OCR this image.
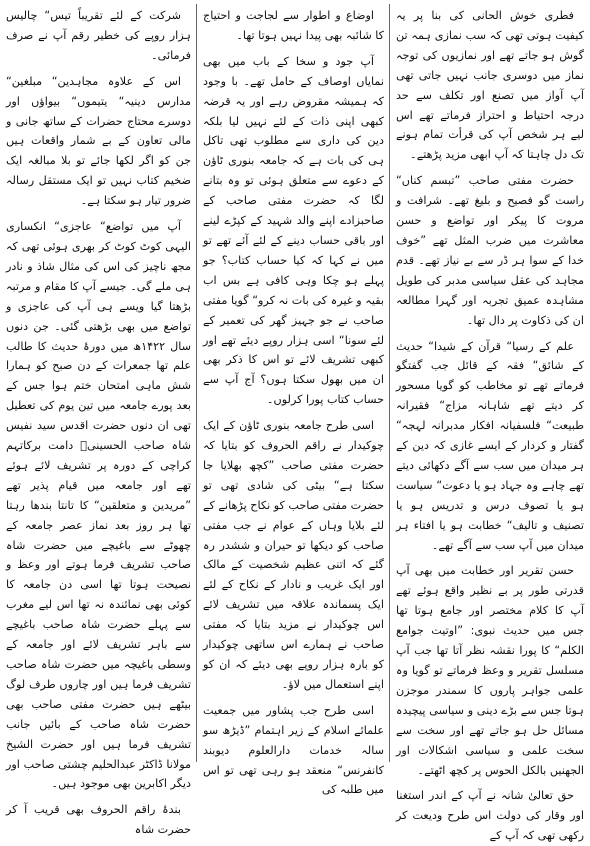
فطری خوش الحانی کی بنا پر یہ کیفیت ہوتی تھی کہ سب نمازی ہمہ تن گوش ہو جاتے تھے اور نمازیوں کی توجہ نماز میں دوسری جانب نہیں جاتی تھی آپ آواز میں تصنع اور تکلف سے حد درجہ احتیاط و احتراز فرماتے تھے اس لیے ہر شخص آپ کی قرأت تمام ہونے تک دل چاہتا کہ آپ ابھی مزید پڑھتے۔

حضرت مفتی صاحب ”تبسم کناں“ راست گو فصیح و بلیغ تھے۔ شرافت و مروت کا پیکر اور تواضع و حسن معاشرت میں ضرب المثل تھے ”خوف خدا کے سوا ہر ڈر سے بے نیاز تھے۔ قدم مجاہد کی عقل سیاسی مدبر کی طویل مشاہدہ عمیق تجربہ اور گہرا مطالعہ ان کی ذکاوت پر دال تھا۔

علم کے رسیا“ قرآن کے شیدا“ حدیث کے شائق“ فقہ کے قائل جب گفتگو فرماتے تھے تو مخاطب کو گویا مسحور کر دیتے تھے شاہانہ مزاج“ فقیرانہ طبیعت“ فلسفیانہ افکار مدبرانہ لہجہ“ گفتار و کردار کے ایسے غازی کہ دین کے ہر میدان میں سب سے آگے دکھائی دیتے تھے چاہے وہ جہاد ہو یا دعوت“ سیاست ہو یا تصوف درس و تدریس ہو یا تصنیف و تالیف“ خطابت ہو یا افتاء ہر میدان میں آپ سب سے آگے تھے۔

حسن تقریر اور خطابت میں بھی آپ قدرتی طور پر بے نظیر واقع ہوئے تھے آپ کا کلام مختصر اور جامع ہوتا تھا جس میں حدیث نبوی: ”اوتیت جوامع الکلم“ کا پورا نقشہ نظر آتا تھا جب آپ مسلسل تقریر و وعظ فرماتے تو گویا وہ علمی جواہر پاروں کا سمندر موجزن ہوتا جس سے بڑے دینی و سیاسی پیچیدہ مسائل حل ہو جاتے تھے اور سخت سے سخت علمی و سیاسی اشکالات اور الجھنیں بالکل الحوس پر کچھ اٹھتے۔

حق تعالیٰ شانہ نے آپ کے اندر استغنا اور وقار کی دولت اس طرح ودیعت کر رکھی تھی کہ آپ کے

اوضاع و اطوار سے لجاجت و احتیاج کا شائبہ بھی پیدا نہیں ہوتا تھا۔

آپ جود و سخا کے باب میں بھی نمایاں اوصاف کے حامل تھے۔ با وجود کہ ہمیشہ مقروض رہے اور یہ قرضہ کبھی اپنی ذات کے لئے نہیں لیا بلکہ دین کی داری سے مطلوب تھی تاکل ہی کی بات ہے کہ جامعہ بنوری ٹاؤن کے دعوے سے متعلق ہوئی تو وہ بتانے لگا کہ حضرت مفتی صاحب کے صاحبزادے اپنے والد شہید کے کپڑے لینے اور باقی حساب دینے کے لئے آئے تھے تو میں نے کہا کہ کیا حساب کتاب؟ جو پہلے ہو چکا وہی کافی ہے بس اب بقیہ و غیرہ کی بات نہ کرو“ گویا مفتی صاحب نے جو جہیز گھر کی تعمیر کے لئے سونا“ اسی ہزار روپے دیئے تھے اور کبھی تشریف لائے تو اس کا ذکر بھی ان میں بھول سکتا ہوں؟ آج آپ سے حساب کتاب پورا کرلوں۔

اسی طرح جامعہ بنوری ٹاؤن کے ایک چوکیدار نے راقم الحروف کو بتایا کہ حضرت مفتی صاحب ”کچھ بھلایا جا سکتا ہے“ بیٹی کی شادی تھی تو حضرت مفتی صاحب کو نکاح پڑھانے کے لئے بلایا وہاں کے عوام نے جب مفتی صاحب کو دیکھا تو حیران و ششدر رہ گئے کہ اتنی عظیم شخصیت کے مالک اور ایک غریب و نادار کے نکاح کے لئے ایک پسماندہ علاقہ میں تشریف لائے اس چوکیدار نے مزید بتایا کہ مفتی صاحب نے ہمارے اس ساتھی چوکیدار کو بارہ ہزار روپے بھی دیئے کہ ان کو اپنے استعمال میں لاؤ۔

اسی طرح جب پشاور میں جمعیت علمائے اسلام کے زیر اہتمام ”ڈیڑھ سو سالہ خدمات دارالعلوم دیوبند کانفرنس“ منعقد ہو رہی تھی تو اس میں طلبہ کی

شرکت کے لئے تقریباً تیس“ چالیس ہزار روپے کی خطیر رقم آپ نے صرف فرمائی۔

اس کے علاوہ مجاہدین“ مبلغین“ مدارس دینیہ“ یتیموں“ بیواؤں اور دوسرے محتاج حضرات کے ساتھ جانی و مالی تعاون کے بے شمار واقعات ہیں جن کو اگر لکھا جائے تو بلا مبالغہ ایک ضخیم کتاب نہیں تو ایک مستقل رسالہ ضرور تیار ہو سکتا ہے۔

آپ میں تواضع“ عاجزی“ انکساری الیہی کوٹ کوٹ کر بھری ہوئی تھی کہ مجھ ناچیز کی اس کی مثال شاذ و نادر ہی ملے گی۔ جیسے آپ کا مقام و مرتبہ بڑھتا گیا ویسے ہی آپ کی عاجزی و تواضع میں بھی بڑھتی گئی۔ جن دنوں سال ۱۴۲۲ھ میں دورۂ حدیث کا طالب علم تھا جمعرات کے دن صبح کو ہمارا شش ماہی امتحان ختم ہوا جس کے بعد پورے جامعہ میں تین یوم کی تعطیل تھی ان دنوں حضرت اقدس سید نفیس شاہ صاحب الحسینیؒ دامت برکاتہم کراچی کے دورہ پر تشریف لائے ہوئے تھے اور جامعہ میں قیام پذیر تھے ”مریدین و متعلقین“ کا تانتا بندھا رہتا تھا ہر روز بعد نماز عصر جامعہ کے چھوٹے سے باغیچے میں حضرت شاہ صاحب تشریف فرما ہوتے اور وعظ و نصیحت ہوتا تھا اسی دن جامعہ کا کوئی بھی نمائندہ نہ تھا اس لیے مغرب سے پہلے حضرت شاہ صاحب باغیچے سے باہر تشریف لائے اور جامعہ کے وسطی باغیچہ میں حضرت شاہ صاحب تشریف فرما ہیں اور چاروں طرف لوگ بیٹھے ہیں حضرت مفتی صاحب بھی حضرت شاہ صاحب کے بائیں جانب تشریف فرما ہیں اور حضرت الشیخ مولانا ڈاکٹر عبدالحلیم چشتی صاحب اور دیگر اکابرین بھی موجود ہیں۔

بندۂ راقم الحروف بھی قریب آ کر حضرت شاہ
